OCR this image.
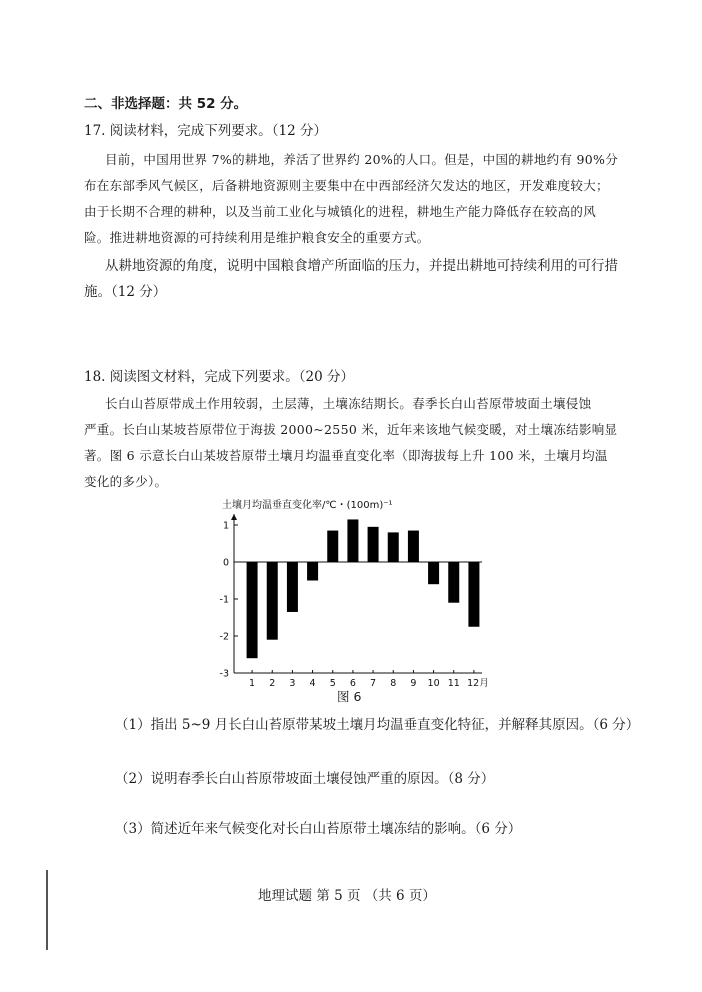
二、非选择题：共 52 分。
17. 阅读材料，完成下列要求。（12 分）
目前，中国用世界 7%的耕地，养活了世界约 20%的人口。但是，中国的耕地约有 90%分
布在东部季风气候区，后备耕地资源则主要集中在中西部经济欠发达的地区，开发难度较大；
由于长期不合理的耕种，以及当前工业化与城镇化的进程，耕地生产能力降低存在较高的风
险。推进耕地资源的可持续利用是维护粮食安全的重要方式。
从耕地资源的角度，说明中国粮食增产所面临的压力，并提出耕地可持续利用的可行措
施。（12 分）
18. 阅读图文材料，完成下列要求。（20 分）
长白山苔原带成土作用较弱，土层薄，土壤冻结期长。春季长白山苔原带坡面土壤侵蚀
严重。长白山某坡苔原带位于海拔 2000~2550 米，近年来该地气候变暖，对土壤冻结影响显
著。图 6 示意长白山某坡苔原带土壤月均温垂直变化率（即海拔每上升 100 米，土壤月均温
变化的多少）。
土壤月均温垂直变化率/℃・(100m)⁻¹
1
0
-1
-2
-3
1 2 3 4 5 6 7 8 9 10 11 12月
图 6
（1）指出 5~9 月长白山苔原带某坡土壤月均温垂直变化特征，并解释其原因。（6 分）
（2）说明春季长白山苔原带坡面土壤侵蚀严重的原因。（8 分）
（3）简述近年来气候变化对长白山苔原带土壤冻结的影响。（6 分）
地理试题 第 5 页 （共 6 页）
